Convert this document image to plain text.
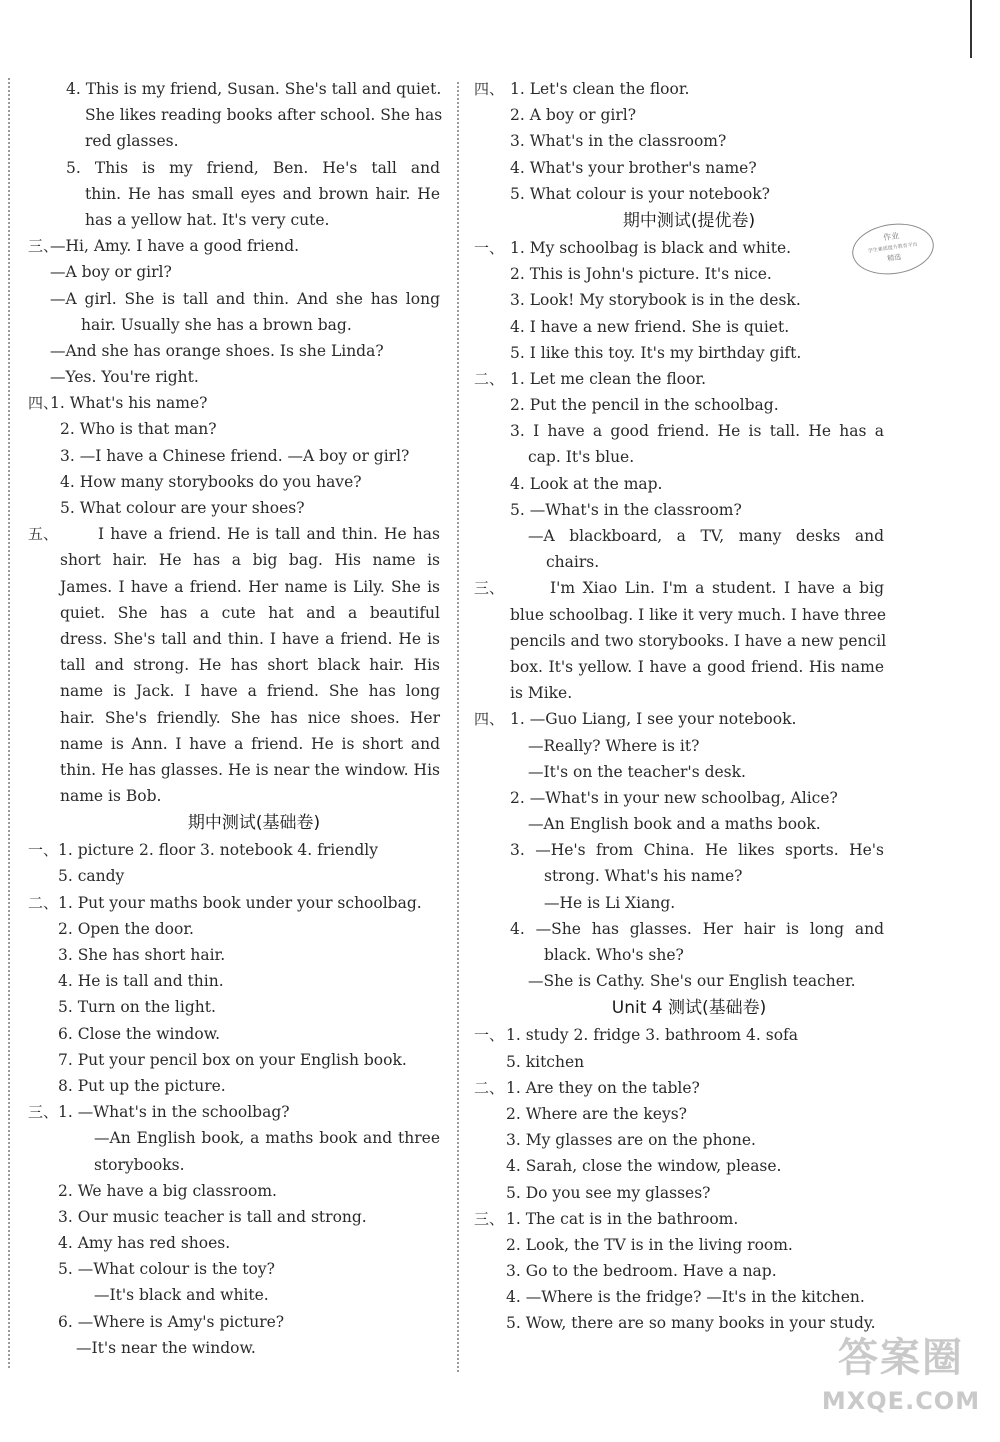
4. This is my friend, Susan. She's tall and quiet.
She likes reading books after school. She has
red glasses.
5. This is my friend, Ben. He's tall and
thin. He has small eyes and brown hair. He
has a yellow hat. It's very cute.
三、
—Hi, Amy. I have a good friend.
—A boy or girl?
—A girl. She is tall and thin. And she has long
hair. Usually she has a brown bag.
—And she has orange shoes. Is she Linda?
—Yes. You're right.
四、
1. What's his name?
2. Who is that man?
3. —I have a Chinese friend. —A boy or girl?
4. How many storybooks do you have?
5. What colour are your shoes?
五、	I have a friend. He is tall and thin. He has
short hair. He has a big bag. His name is
James. I have a friend. Her name is Lily. She is
quiet. She has a cute hat and a beautiful
dress. She's tall and thin. I have a friend. He is
tall and strong. He has short black hair. His
name is Jack. I have a friend. She has long
hair. She's friendly. She has nice shoes. Her
name is Ann. I have a friend. He is short and
thin. He has glasses. He is near the window. His
name is Bob.
期中测试(基础卷)
一、 1. picture 2. floor 3. notebook 4. friendly
5. candy
二、 1. Put your maths book under your schoolbag.
2. Open the door.
3. She has short hair.
4. He is tall and thin.
5. Turn on the light.
6. Close the window.
7. Put your pencil box on your English book.
8. Put up the picture.
三、 1. —What's in the schoolbag?
—An English book, a maths book and three
storybooks.
2. We have a big classroom.
3. Our music teacher is tall and strong.
4. Amy has red shoes.
5. —What colour is the toy?
—It's black and white.
6. —Where is Amy's picture?
—It's near the window.
四、 1. Let's clean the floor.
2. A boy or girl?
3. What's in the classroom?
4. What's your brother's name?
5. What colour is your notebook?
期中测试(提优卷)
一、 1. My schoolbag is black and white.
2. This is John's picture. It's nice.
3. Look! My storybook is in the desk.
4. I have a new friend. She is quiet.
5. I like this toy. It's my birthday gift.
二、 1. Let me clean the floor.
2. Put the pencil in the schoolbag.
3. I have a good friend. He is tall. He has a
cap. It's blue.
4. Look at the map.
5. —What's in the classroom?
—A blackboard, a TV, many desks and
chairs.
三、	I'm Xiao Lin. I'm a student. I have a big
blue schoolbag. I like it very much. I have three
pencils and two storybooks. I have a new pencil
box. It's yellow. I have a good friend. His name
is Mike.
四、 1. —Guo Liang, I see your notebook.
—Really? Where is it?
—It's on the teacher's desk.
2. —What's in your new schoolbag, Alice?
—An English book and a maths book.
3. —He's from China. He likes sports. He's
strong. What's his name?
—He is Li Xiang.
4. —She has glasses. Her hair is long and
black. Who's she?
—She is Cathy. She's our English teacher.
Unit 4 测试(基础卷)
一、 1. study 2. fridge 3. bathroom 4. sofa
5. kitchen
二、 1. Are they on the table?
2. Where are the keys?
3. My glasses are on the phone.
4. Sarah, close the window, please.
5. Do you see my glasses?
三、 1. The cat is in the bathroom.
2. Look, the TV is in the living room.
3. Go to the bedroom. Have a nap.
4. —Where is the fridge? —It's in the kitchen.
5. Wow, there are so many books in your study.
作业
学生素质提升教育平台
精选
答案圈
MXQE.COM
